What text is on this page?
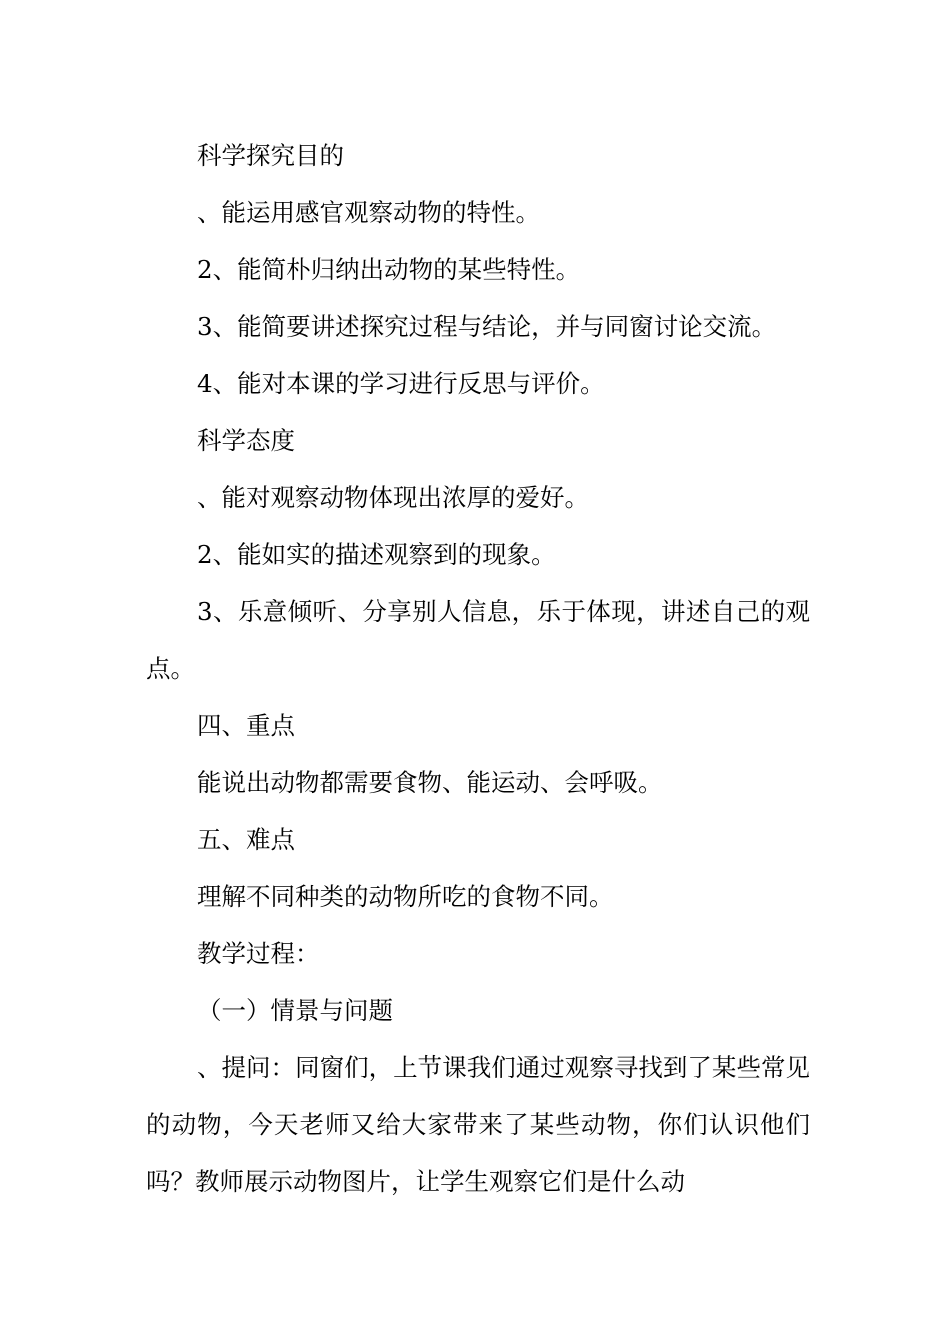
科学探究目的

、能运用感官观察动物的特性。

2、能简朴归纳出动物的某些特性。

3、能简要讲述探究过程与结论，并与同窗讨论交流。

4、能对本课的学习进行反思与评价。

科学态度

、能对观察动物体现出浓厚的爱好。

2、能如实的描述观察到的现象。

3、乐意倾听、分享别人信息，乐于体现，讲述自己的观点。

四、重点

能说出动物都需要食物、能运动、会呼吸。

五、难点

理解不同种类的动物所吃的食物不同。

教学过程：

（一）情景与问题

、提问：同窗们，上节课我们通过观察寻找到了某些常见的动物，今天老师又给大家带来了某些动物，你们认识他们吗？教师展示动物图片，让学生观察它们是什么动
